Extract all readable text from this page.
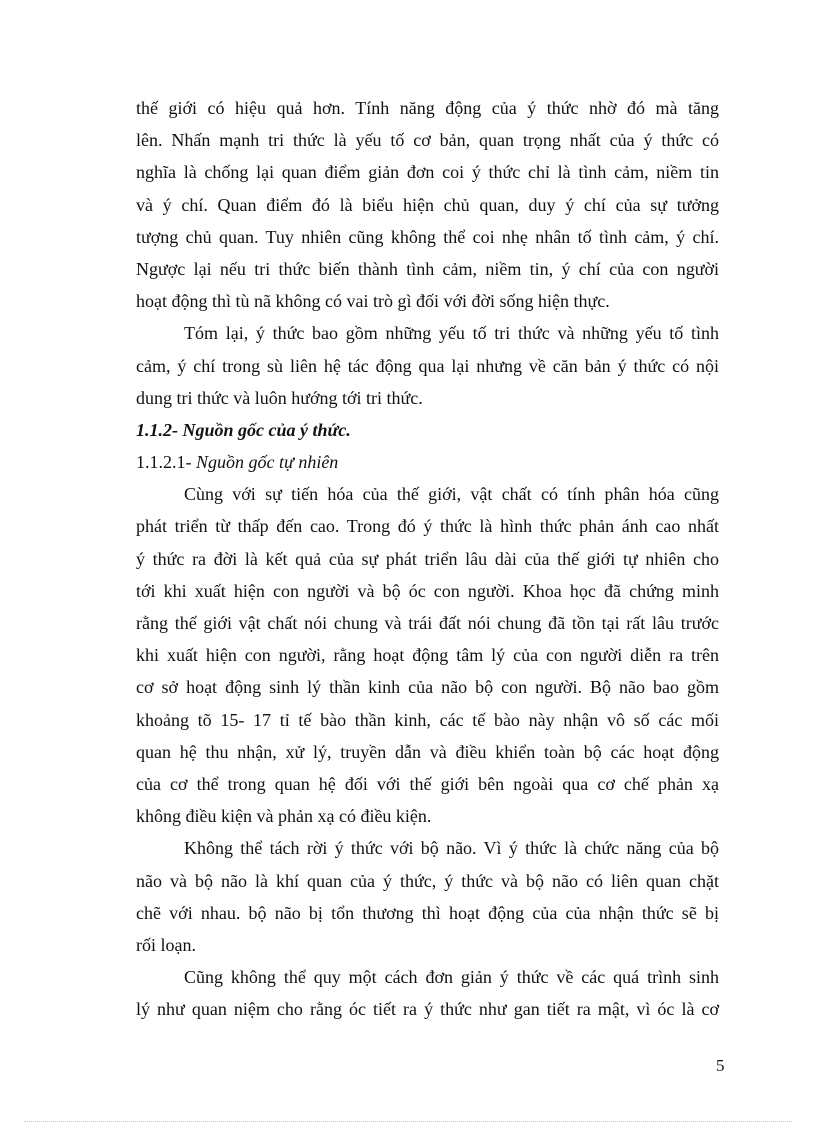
thế giới có hiệu quả hơn. Tính năng động của ý thức nhờ đó mà tăng
lên. Nhấn mạnh tri thức là yếu tố cơ bản, quan trọng nhất của ý thức có
nghĩa là chống lại quan điểm giản đơn coi ý thức chỉ là tình cảm, niềm tin
và ý chí. Quan điểm đó là biểu hiện chủ quan, duy ý chí của sự tưởng
tượng chủ quan. Tuy nhiên cũng không thể coi nhẹ nhân tố tình cảm, ý chí.
Ngược lại nếu tri thức biến thành tình cảm, niềm tin, ý chí của con người
hoạt động thì tù nã không có vai trò gì đối với đời sống hiện thực.
Tóm lại, ý thức bao gồm những yếu tố tri thức và những yếu tố tình
cảm, ý chí trong sù liên hệ tác động qua lại nhưng về căn bản ý thức có nội
dung tri thức và luôn hướng tới tri thức.
1.1.2- Nguồn gốc của ý thức.
1.1.2.1- Nguồn gốc tự nhiên
Cùng với sự tiến hóa của thế giới, vật chất có tính phân hóa cũng
phát triển từ thấp đến cao. Trong đó ý thức là hình thức phản ánh cao nhất
ý thức ra đời là kết quả của sự phát triển lâu dài của thế giới tự nhiên cho
tới khi xuất hiện con người và bộ óc con người. Khoa học đã chứng minh
rằng thế giới vật chất nói chung và trái đất nói chung đã tồn tại rất lâu trước
khi xuất hiện con người, rằng hoạt động tâm lý của con người diễn ra trên
cơ sở hoạt động sinh lý thần kinh của não bộ con người. Bộ não bao gồm
khoảng tõ 15- 17 tỉ tế bào thần kinh, các tế bào này nhận vô số các mối
quan hệ thu nhận, xử lý, truyền dẫn và điều khiển toàn bộ các hoạt động
của cơ thể trong quan hệ đối với thế giới bên ngoài qua cơ chế phản xạ
không điều kiện và phản xạ có điều kiện.
Không thể tách rời ý thức với bộ não. Vì ý thức là chức năng của bộ
não và bộ não là khí quan của ý thức, ý thức và bộ não có liên quan chặt
chẽ với nhau. bộ não bị tổn thương thì hoạt động của của nhận thức sẽ bị
rối loạn.
Cũng không thể quy một cách đơn giản ý thức về các quá trình sinh
lý như quan niệm cho rằng óc tiết ra ý thức như gan tiết ra mật, vì óc là cơ
5
